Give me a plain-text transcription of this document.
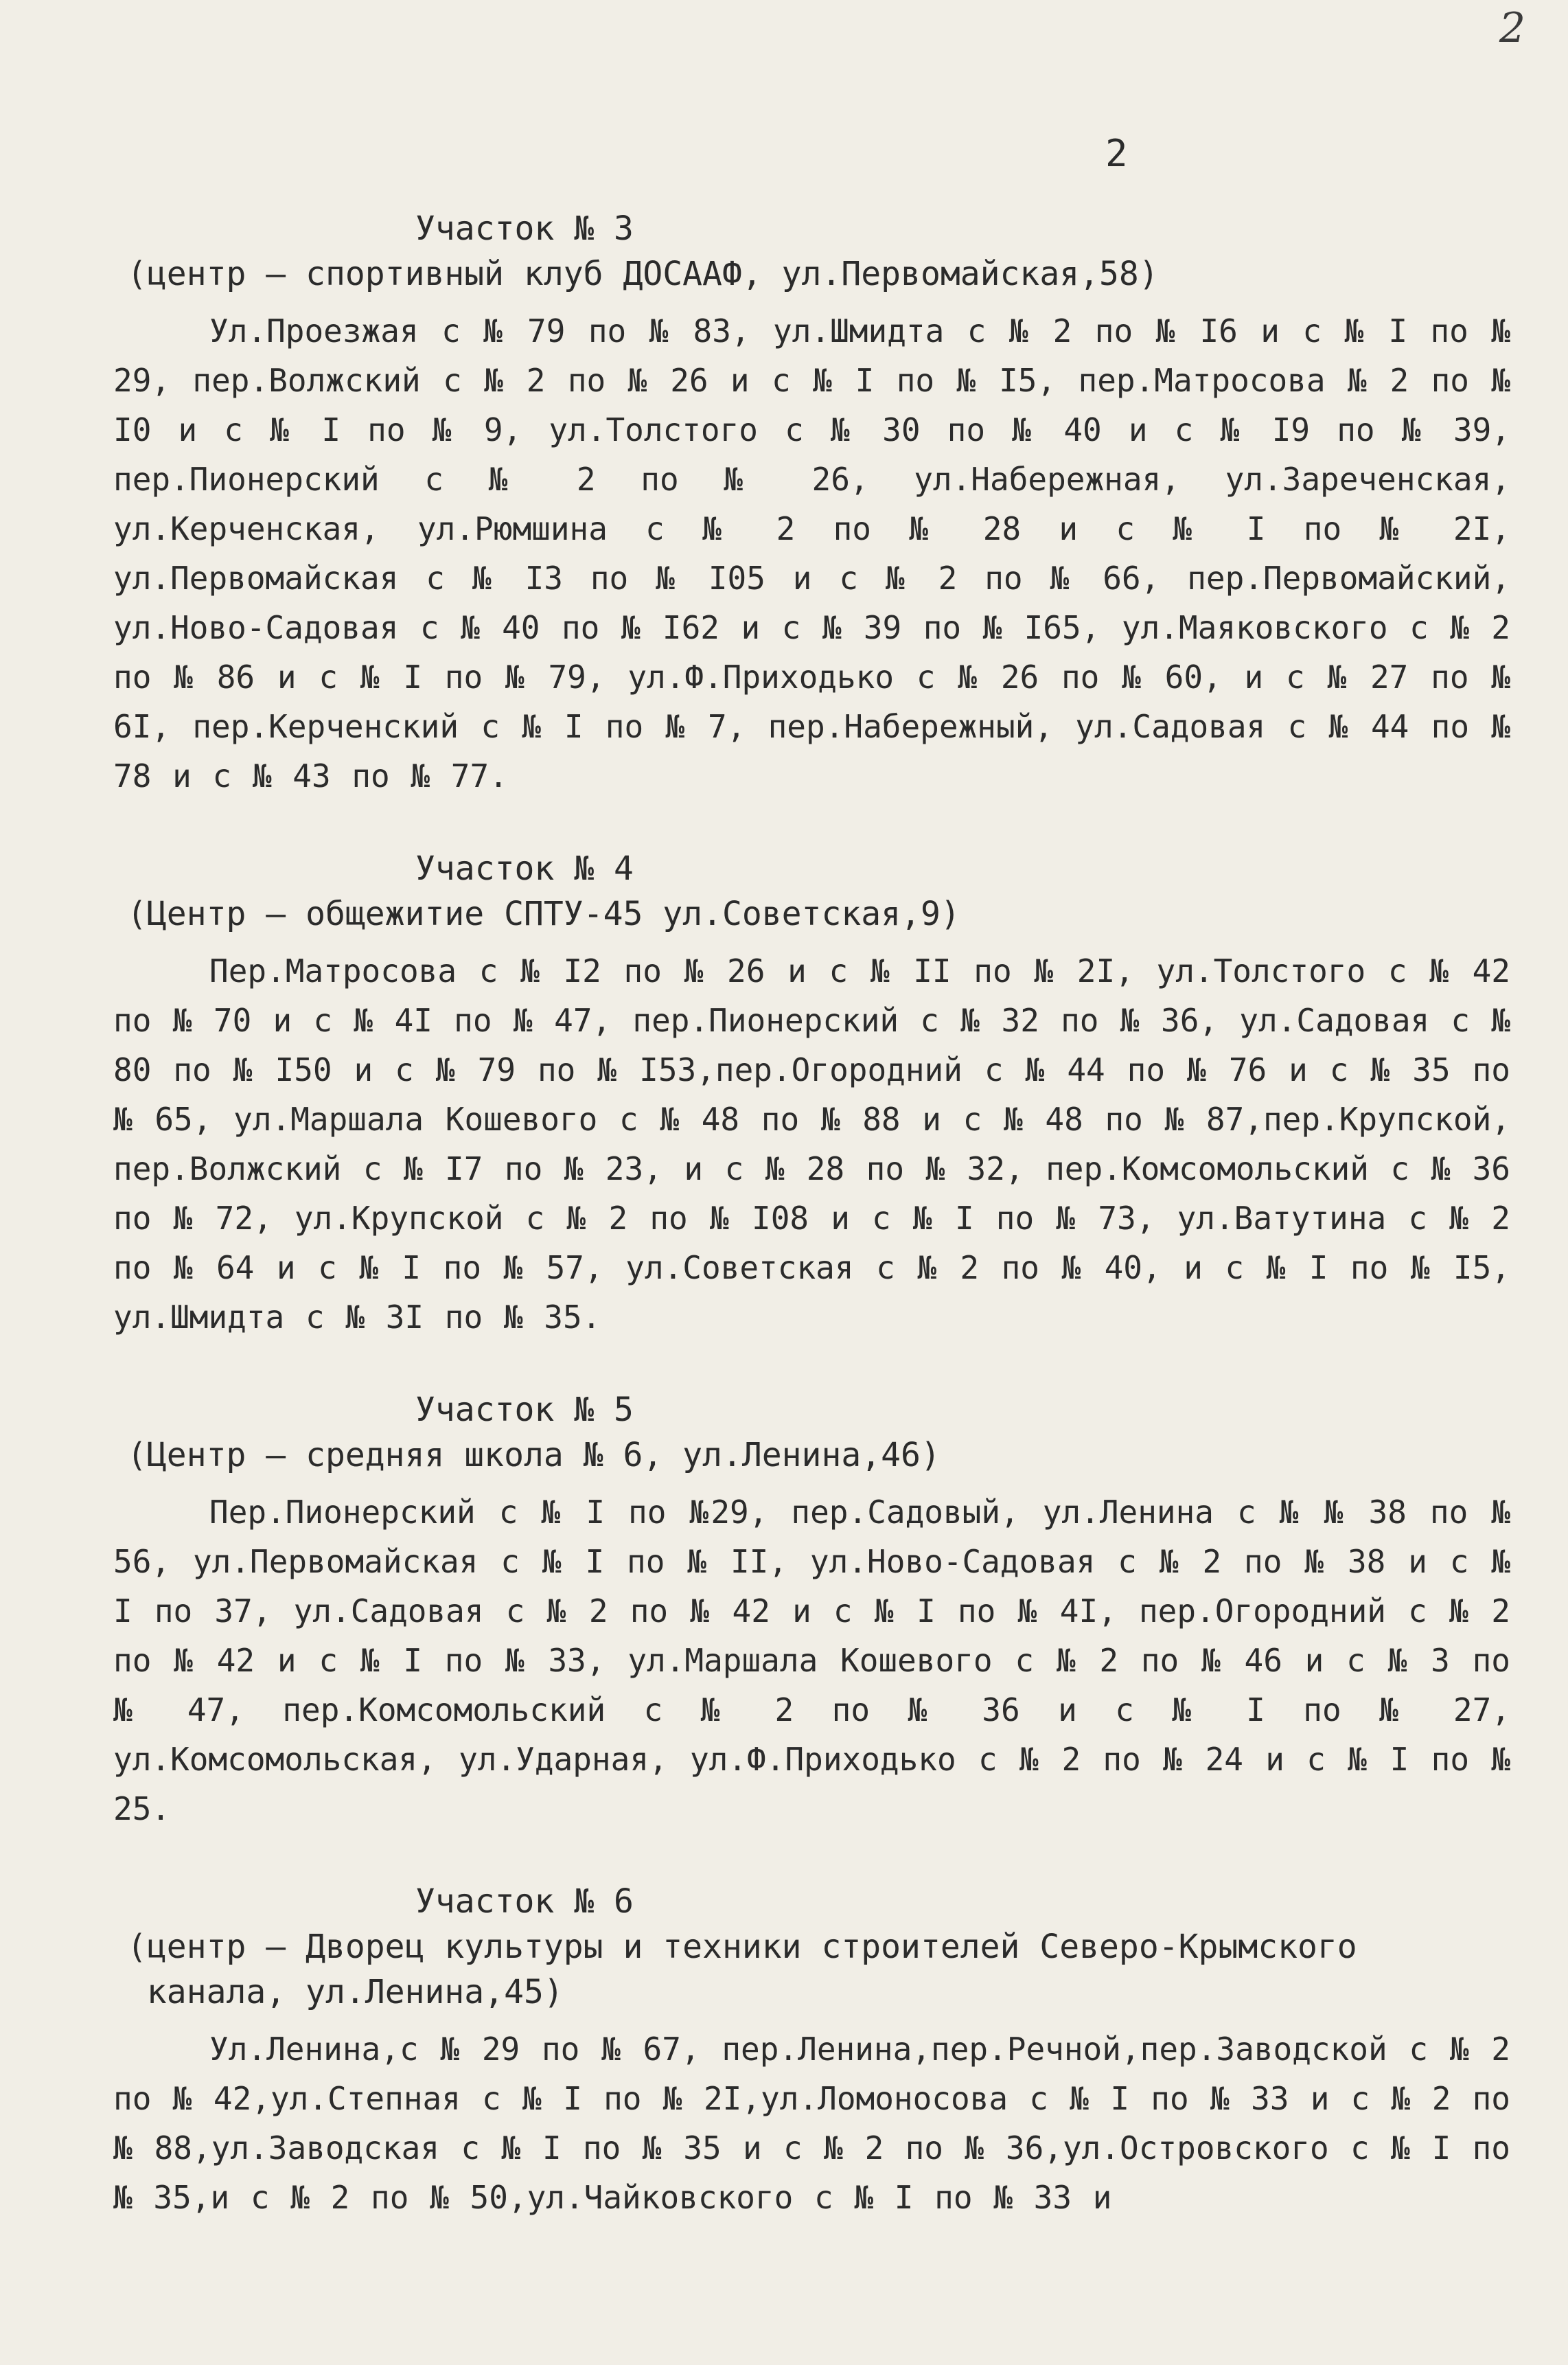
2
2

Участок № 3

(центр – спортивный клуб ДОСААФ, ул.Первомайская,58)

Ул.Проезжая с № 79 по № 83, ул.Шмидта с № 2 по № I6 и с № I по № 29, пер.Волжский с № 2 по № 26 и с № I по № I5, пер.Матросова № 2 по № I0 и с № I по № 9, ул.Толстого с № 30 по № 40 и с № I9 по № 39, пер.Пионерский с № 2 по № 26, ул.Набережная, ул.Зареченская, ул.Керченская, ул.Рюмшина с № 2 по № 28 и с № I по № 2I, ул.Первомайская с № I3 по № I05 и с № 2 по № 66, пер.Первомайский, ул.Ново-Садовая с № 40 по № I62 и с № 39 по № I65, ул.Маяковского с № 2 по № 86 и с № I по № 79, ул.Ф.Приходько с № 26 по № 60, и с № 27 по № 6I, пер.Керченский с № I по № 7, пер.Набережный, ул.Садовая с № 44 по № 78 и с № 43 по № 77.

Участок № 4

(Центр – общежитие СПТУ-45 ул.Советская,9)

Пер.Матросова с № I2 по № 26 и с № II по № 2I, ул.Толстого с № 42 по № 70 и с № 4I по № 47, пер.Пионерский с № 32 по № 36, ул.Садовая с № 80 по № I50 и с № 79 по № I53,пер.Огородний с № 44 по № 76 и с № 35 по № 65, ул.Маршала Кошевого с № 48 по № 88 и с № 48 по № 87,пер.Крупской, пер.Волжский с № I7 по № 23, и с № 28 по № 32, пер.Комсомольский с № 36 по № 72, ул.Крупской с № 2 по № I08 и с № I по № 73, ул.Ватутина с № 2 по № 64 и с № I по № 57, ул.Советская с № 2 по № 40, и с № I по № I5, ул.Шмидта с № 3I по № 35.

Участок № 5

(Центр – средняя школа № 6, ул.Ленина,46)

Пер.Пионерский с № I по №29, пер.Садовый, ул.Ленина с № № 38 по № 56, ул.Первомайская с № I по № II, ул.Ново-Садовая с № 2 по № 38 и с № I по 37, ул.Садовая с № 2 по № 42 и с № I по № 4I, пер.Огородний с № 2 по № 42 и с № I по № 33, ул.Маршала Кошевого с № 2 по № 46 и с № 3 по № 47, пер.Комсомольский с № 2 по № 36 и с № I по № 27, ул.Комсомольская, ул.Ударная, ул.Ф.Приходько с № 2 по № 24 и с № I по № 25.

Участок № 6

(центр – Дворец культуры и техники строителей Северо-Крымского
канала, ул.Ленина,45)

Ул.Ленина,с № 29 по № 67, пер.Ленина,пер.Речной,пер.Заводской с № 2 по № 42,ул.Степная с № I по № 2I,ул.Ломоносова с № I по № 33 и с № 2 по № 88,ул.Заводская с № I по № 35 и с № 2 по № 36,ул.Островского с № I по № 35,и с № 2 по № 50,ул.Чайковского с № I по № 33 и
